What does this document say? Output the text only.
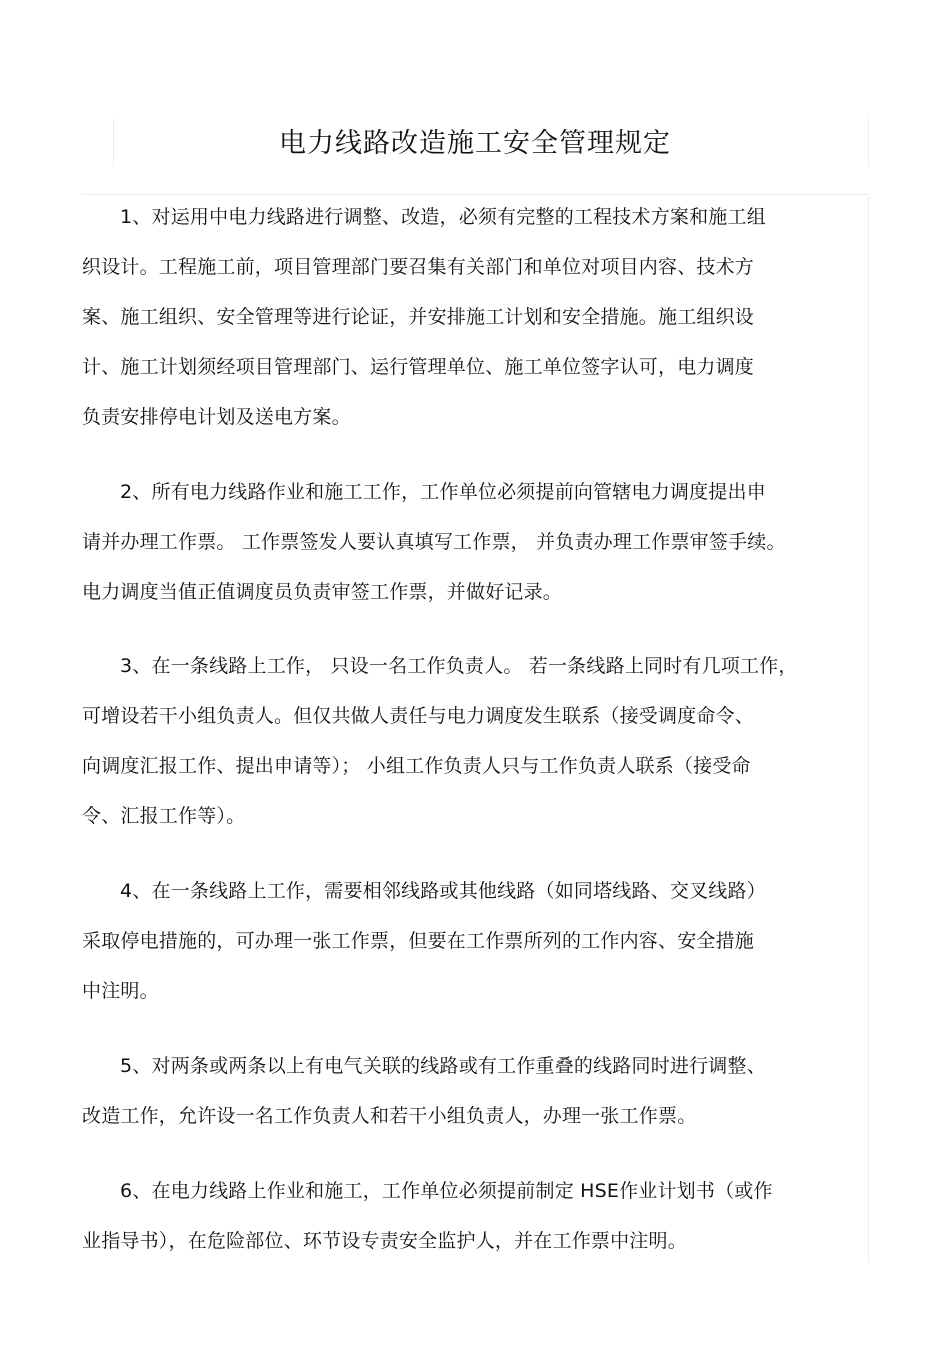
电力线路改造施工安全管理规定
1、对运用中电力线路进行调整、改造，必须有完整的工程技术方案和施工组
织设计。工程施工前，项目管理部门要召集有关部门和单位对项目内容、技术方
案、施工组织、安全管理等进行论证，并安排施工计划和安全措施。施工组织设
计、施工计划须经项目管理部门、运行管理单位、施工单位签字认可，电力调度
负责安排停电计划及送电方案。
2、所有电力线路作业和施工工作，工作单位必须提前向管辖电力调度提出申
请并办理工作票。 工作票签发人要认真填写工作票， 并负责办理工作票审签手续。
电力调度当值正值调度员负责审签工作票，并做好记录。
3、在一条线路上工作， 只设一名工作负责人。 若一条线路上同时有几项工作，
可增设若干小组负责人。但仅共做人责任与电力调度发生联系（接受调度命令、
向调度汇报工作、提出申请等）； 小组工作负责人只与工作负责人联系（接受命
令、汇报工作等）。
4、在一条线路上工作，需要相邻线路或其他线路（如同塔线路、交叉线路）
采取停电措施的，可办理一张工作票，但要在工作票所列的工作内容、安全措施
中注明。
5、对两条或两条以上有电气关联的线路或有工作重叠的线路同时进行调整、
改造工作，允许设一名工作负责人和若干小组负责人，办理一张工作票。
6、在电力线路上作业和施工，工作单位必须提前制定 HSE作业计划书（或作
业指导书），在危险部位、环节设专责安全监护人，并在工作票中注明。
